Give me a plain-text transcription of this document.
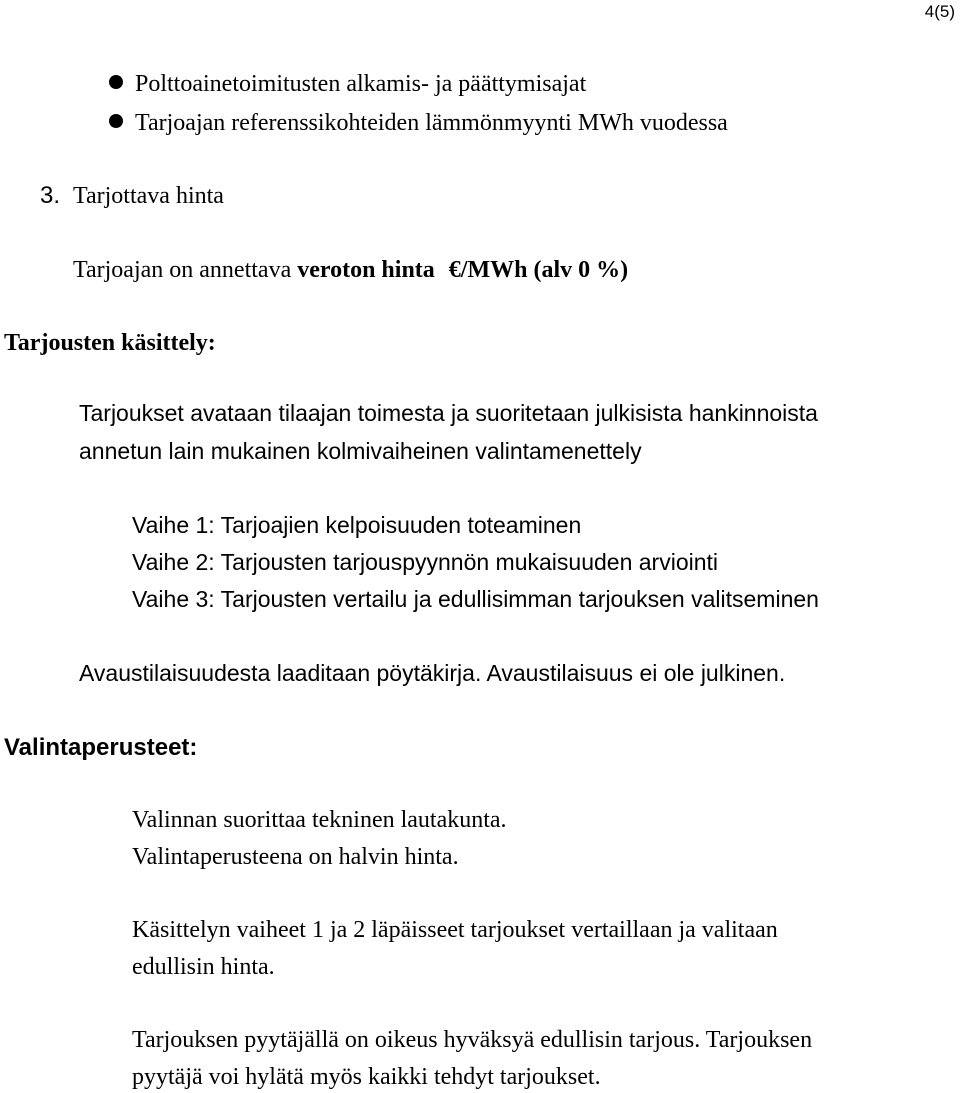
4(5)
Polttoainetoimitusten alkamis- ja päättymisajat
Tarjoajan referenssikohteiden lämmönmyynti MWh vuodessa
3. Tarjottava hinta
Tarjoajan on annettava veroton hinta €/MWh (alv 0 %)
Tarjousten käsittely:
Tarjoukset avataan tilaajan toimesta ja suoritetaan julkisista hankinnoista
annetun lain mukainen kolmivaiheinen valintamenettely
Vaihe 1: Tarjoajien kelpoisuuden toteaminen
Vaihe 2: Tarjousten tarjouspyynnön mukaisuuden arviointi
Vaihe 3: Tarjousten vertailu ja edullisimman tarjouksen valitseminen
Avaustilaisuudesta laaditaan pöytäkirja. Avaustilaisuus ei ole julkinen.
Valintaperusteet:
Valinnan suorittaa tekninen lautakunta.
Valintaperusteena on halvin hinta.
Käsittelyn vaiheet 1 ja 2 läpäisseet tarjoukset vertaillaan ja valitaan
edullisin hinta.
Tarjouksen pyytäjällä on oikeus hyväksyä edullisin tarjous. Tarjouksen
pyytäjä voi hylätä myös kaikki tehdyt tarjoukset.
